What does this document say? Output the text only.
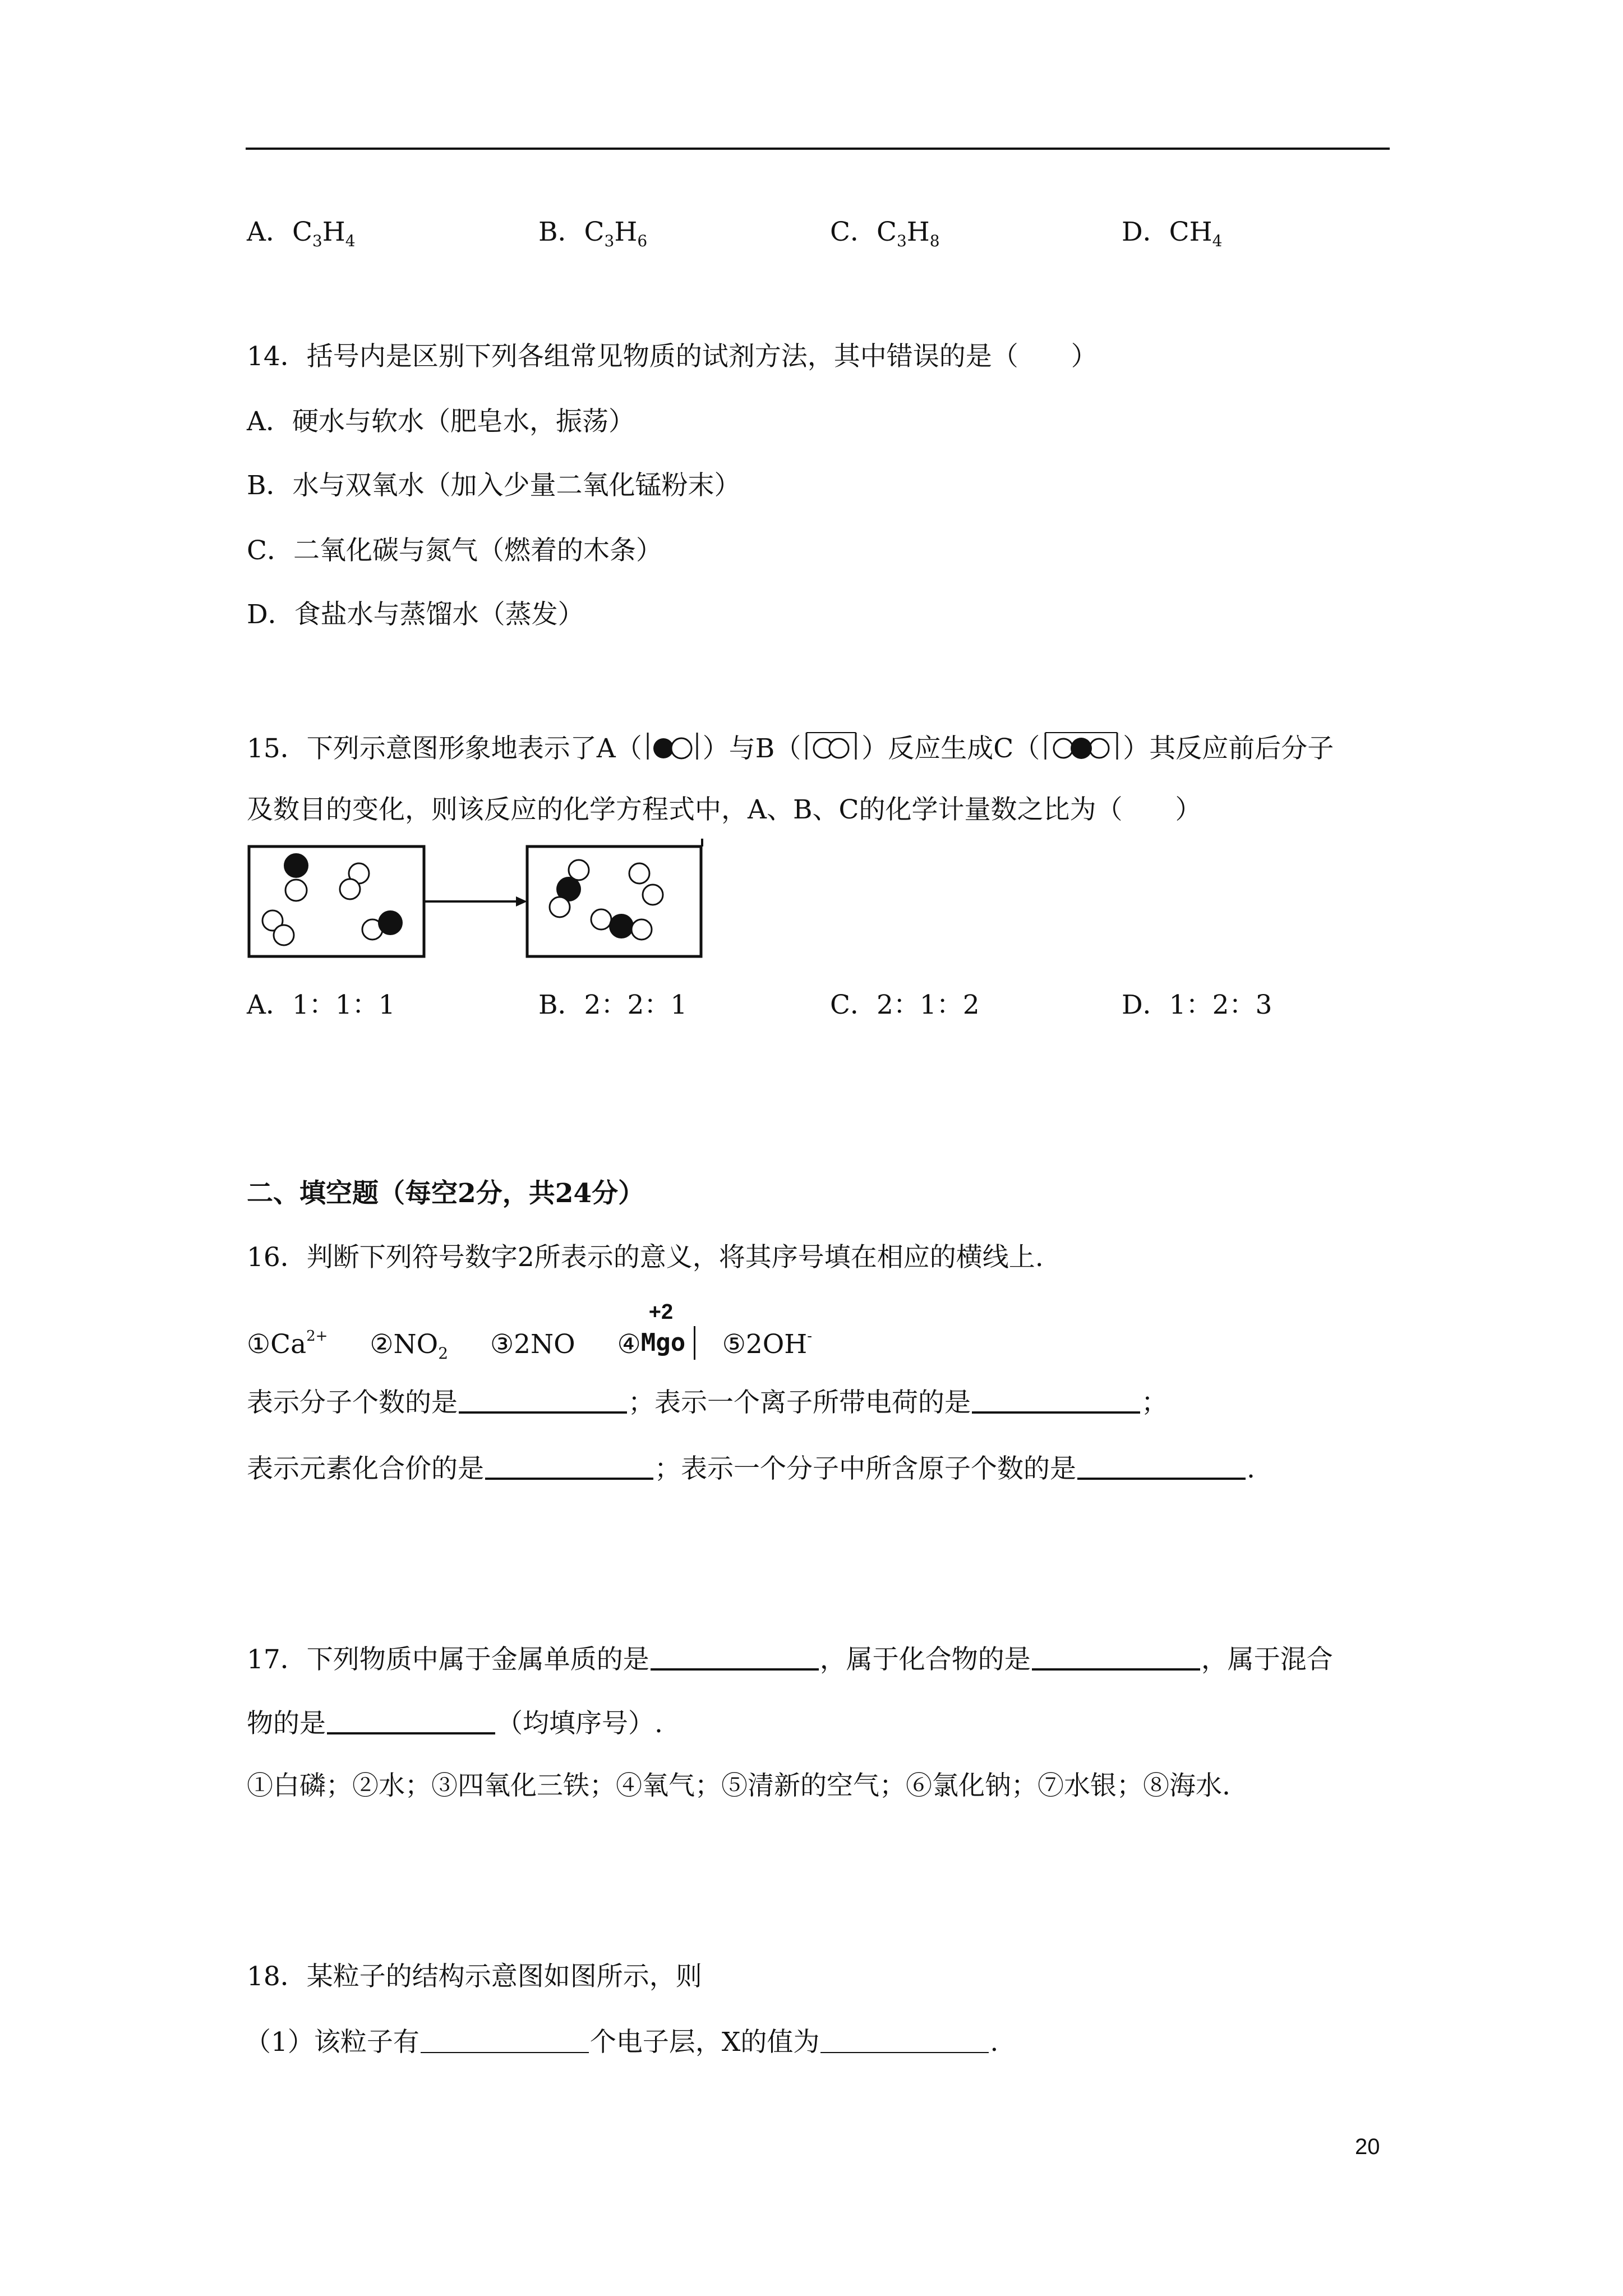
A．$C_3H_4$	B．$C_3H_6$	C．$C_3H_8$	D．$CH_4$
14．括号内是区别下列各组常见物质的试剂方法，其中错误的是（　　）
A．硬水与软水（肥皂水，振荡）
B．水与双氧水（加入少量二氧化锰粉末）
C．二氧化碳与氮气（燃着的木条）
D．食盐水与蒸馏水（蒸发）
15．下列示意图形象地表示了A（ ）与B（ ）反应生成C（	）其反应前后分子
及数目的变化，则该反应的化学方程式中，A、B、C的化学计量数之比为（　　）
A．1：1：1	B．2：2：1	C．2：1：2	D．1：2：3
二、填空题（每空2分，共24分）
16．判断下列符号数字2所表示的意义，将其序号填在相应的横线上.
$①Ca^{2+}$ $②NO_2$ ③2NO ④
+2
Mgo ⑤2OH-
表示分子个数的是	；表示一个离子所带电荷的是	；
表示元素化合价的是	；表示一个分子中所含原子个数的是	.
17．下列物质中属于金属单质的是	，属于化合物的是	，属于混合
物的是	（均填序号）.
①白磷；②水；③四氧化三铁；④氧气；⑤清新的空气；⑥氯化钠；⑦水银；⑧海水.
18．某粒子的结构示意图如图所示，则
（1）该粒子有	个电子层，X的值为	.
20
